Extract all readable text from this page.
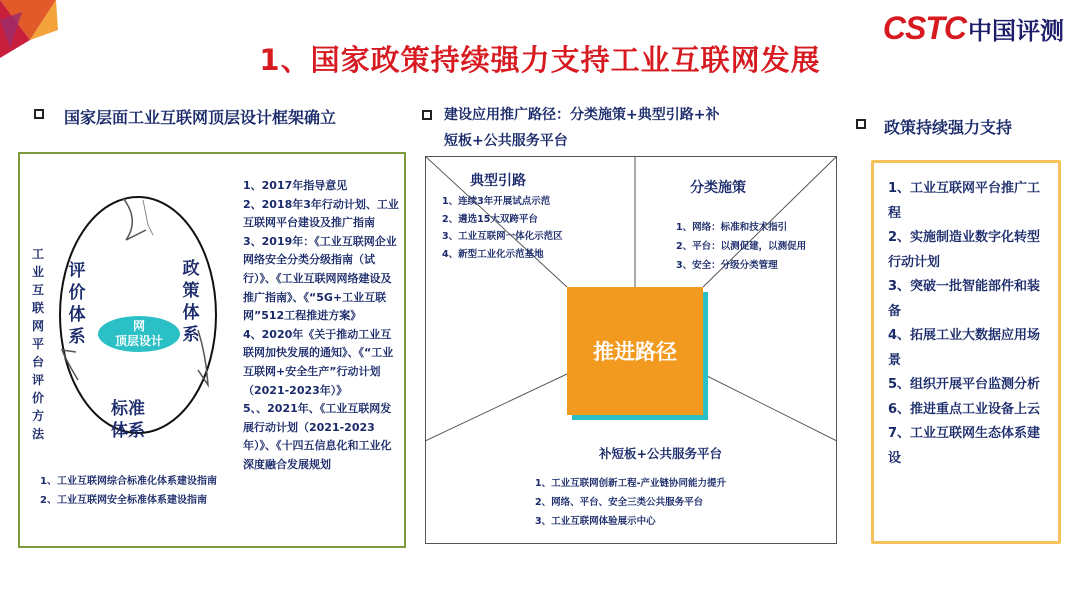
CSTC 中国评测
1、国家政策持续强力支持工业互联网发展
国家层面工业互联网顶层设计框架确立
工业互联网平台评价方法
评价体系
政策体系
标准体系
网
顶层设计
1、2017年指导意见
2、2018年3年行动计划、工业互联网平台建设及推广指南
3、2019年：《工业互联网企业网络安全分类分级指南（试行）》、《工业互联网网络建设及推广指南》、《“5G+工业互联网”512工程推进方案》
4、2020年《关于推动工业互联网加快发展的通知》、《“工业互联网+安全生产”行动计划（2021-2023年）》
5、、2021年、《工业互联网发展行动计划（2021-2023年）》、《十四五信息化和工业化深度融合发展规划
1、工业互联网综合标准化体系建设指南
2、工业互联网安全标准体系建设指南
建设应用推广路径：分类施策+典型引路+补
短板+公共服务平台
典型引路
1、连续3年开展试点示范
2、遴选15大双跨平台
3、工业互联网一体化示范区
4、新型工业化示范基地
分类施策
1、网络：标准和技术指引
2、平台：以测促建，以测促用
3、安全：分级分类管理
推进路径
补短板+公共服务平台
1、工业互联网创新工程-产业链协同能力提升
2、网络、平台、安全三类公共服务平台
3、工业互联网体验展示中心
政策持续强力支持
1、工业互联网平台推广工程
2、实施制造业数字化转型行动计划
3、突破一批智能部件和装备
4、拓展工业大数据应用场景
5、组织开展平台监测分析
6、推进重点工业设备上云
7、工业互联网生态体系建设
